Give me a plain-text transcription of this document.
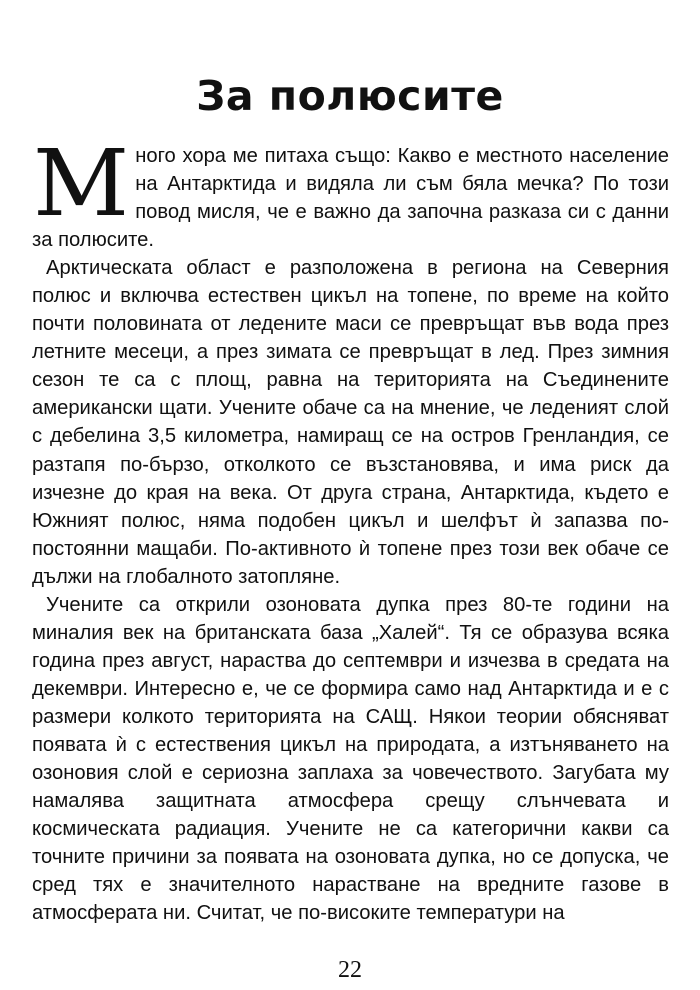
За полюсите

Много хора ме питаха също: Какво е местното население на Антарктида и видяла ли съм бяла мечка? По този повод мисля, че е важно да започна разказа си с данни за полюсите.

Арктическата област е разположена в региона на Северния полюс и включва естествен цикъл на топене, по време на който почти половината от ледените маси се превръщат във вода през летните месеци, а през зимата се превръщат в лед. През зимния сезон те са с площ, равна на територията на Съединените американски щати. Учените обаче са на мнение, че леденият слой с дебелина 3,5 километра, намиращ се на остров Гренландия, се разтапя по-бързо, отколкото се възстановява, и има риск да изчезне до края на века. От друга страна, Антарктида, където е Южният полюс, няма подобен цикъл и шелфът ѝ запазва по-постоянни мащаби. По-активното ѝ топене през този век обаче се дължи на глобалното затопляне.

Учените са открили озоновата дупка през 80-те години на миналия век на британската база „Халей“. Тя се образува всяка година през август, нараства до септември и изчезва в средата на декември. Интересно е, че се формира само над Антарктида и е с размери колкото територията на САЩ. Някои теории обясняват появата ѝ с естествения цикъл на природата, а изтъняването на озоновия слой е сериозна заплаха за човечеството. Загубата му намалява защитната атмосфера срещу слънчевата и космическата радиация. Учените не са категорични какви са точните причини за появата на озоновата дупка, но се допуска, че сред тях е значителното нарастване на вредните газове в атмосферата ни. Считат, че по-високите температури на

22
